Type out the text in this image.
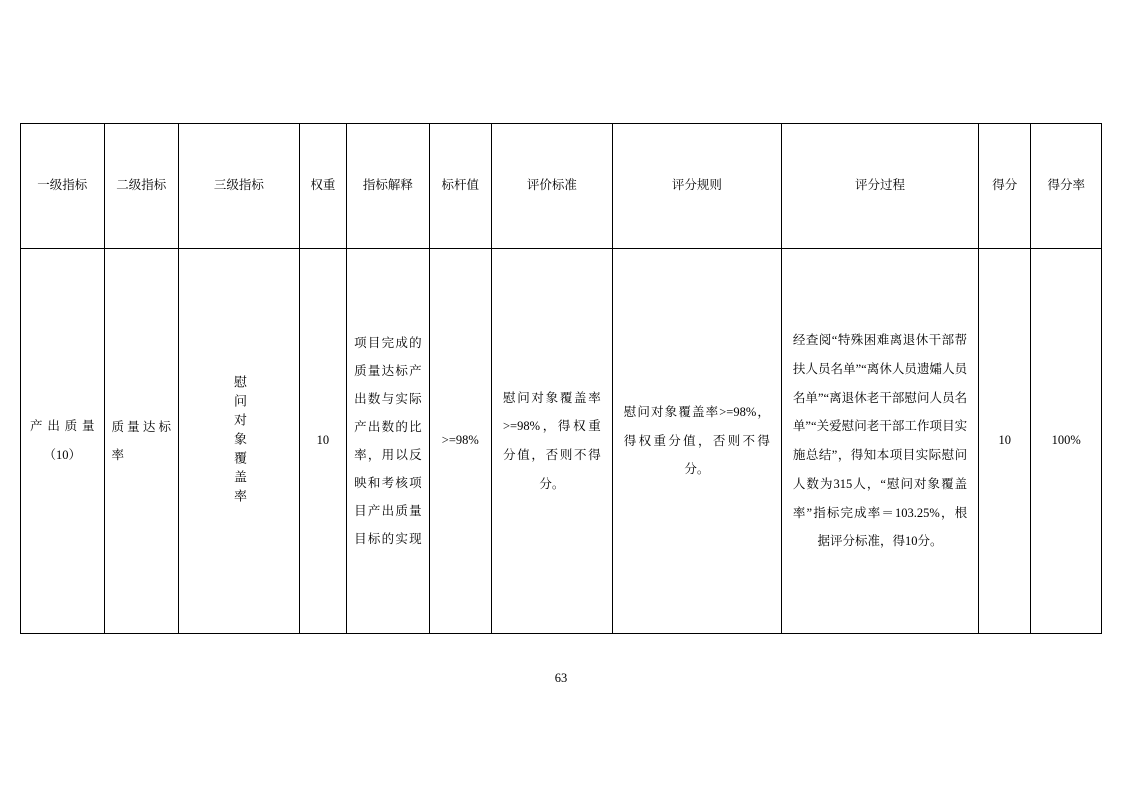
一级指标	二级指标	三级指标	权重	指标解释	标杆值	评价标准	评分规则	评分过程	得分	得分率

产出质量（10）	质量达标率	慰问对象覆盖率	10	项目完成的质量达标产出数与实际产出数的比率，用以反映和考核项目产出质量目标的实现	>=98%	慰问对象覆盖率>=98%，得权重分值，否则不得分。	慰问对象覆盖率>=98%，得权重分值，否则不得分。	经查阅“特殊困难离退休干部帮扶人员名单”“离休人员遗孀人员名单”“离退休老干部慰问人员名单”“关爱慰问老干部工作项目实施总结”，得知本项目实际慰问人数为315人，“慰问对象覆盖率”指标完成率＝103.25%，根据评分标准，得10分。	10	100%
63
